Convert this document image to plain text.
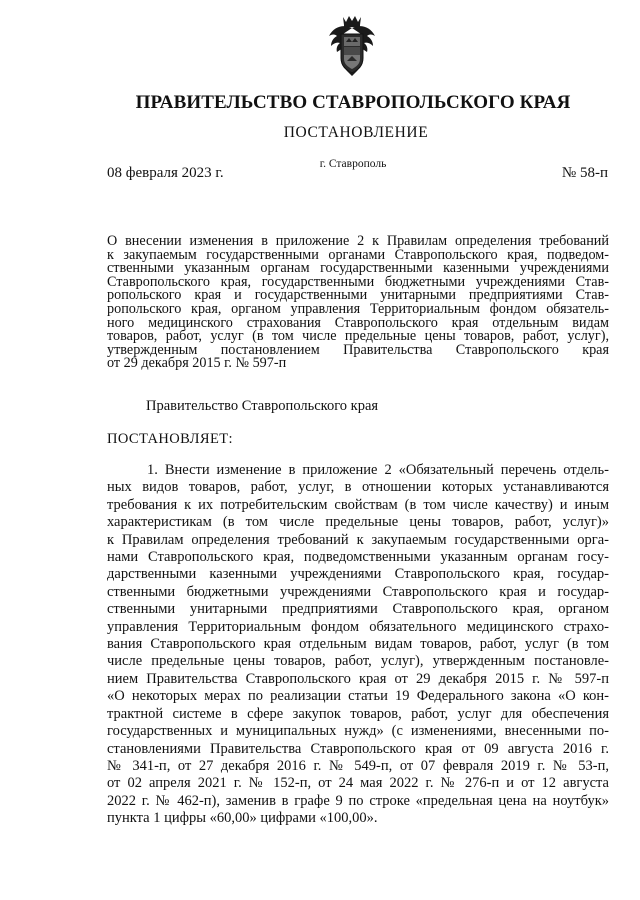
ПРАВИТЕЛЬСТВО СТАВРОПОЛЬСКОГО КРАЯ
ПОСТАНОВЛЕНИЕ
08 февраля 2023 г.
г. Ставрополь
№ 58-п
О внесении изменения в приложение 2 к Правилам определения требований
к закупаемым государственными органами Ставропольского края, подведом-
ственными указанным органам государственными казенными учреждениями
Ставропольского края, государственными бюджетными учреждениями Став-
ропольского края и государственными унитарными предприятиями Став-
ропольского края, органом управления Территориальным фондом обязатель-
ного медицинского страхования Ставропольского края отдельным видам
товаров, работ, услуг (в том числе предельные цены товаров, работ, услуг),
утвержденным постановлением Правительства Ставропольского края
от 29 декабря 2015 г. № 597-п
Правительство Ставропольского края
ПОСТАНОВЛЯЕТ:
1. Внести изменение в приложение 2 «Обязательный перечень отдель-
ных видов товаров, работ, услуг, в отношении которых устанавливаются
требования к их потребительским свойствам (в том числе качеству) и иным
характеристикам (в том числе предельные цены товаров, работ, услуг)»
к Правилам определения требований к закупаемым государственными орга-
нами Ставропольского края, подведомственными указанным органам госу-
дарственными казенными учреждениями Ставропольского края, государ-
ственными бюджетными учреждениями Ставропольского края и государ-
ственными унитарными предприятиями Ставропольского края, органом
управления Территориальным фондом обязательного медицинского страхо-
вания Ставропольского края отдельным видам товаров, работ, услуг (в том
числе предельные цены товаров, работ, услуг), утвержденным постановле-
нием Правительства Ставропольского края от 29 декабря 2015 г. № 597-п
«О некоторых мерах по реализации статьи 19 Федерального закона «О кон-
трактной системе в сфере закупок товаров, работ, услуг для обеспечения
государственных и муниципальных нужд» (с изменениями, внесенными по-
становлениями Правительства Ставропольского края от 09 августа 2016 г.
№ 341-п, от 27 декабря 2016 г. № 549-п, от 07 февраля 2019 г. № 53-п,
от 02 апреля 2021 г. № 152-п, от 24 мая 2022 г. № 276-п и от 12 августа
2022 г. № 462-п), заменив в графе 9 по строке «предельная цена на ноутбук»
пункта 1 цифры «60,00» цифрами «100,00».
